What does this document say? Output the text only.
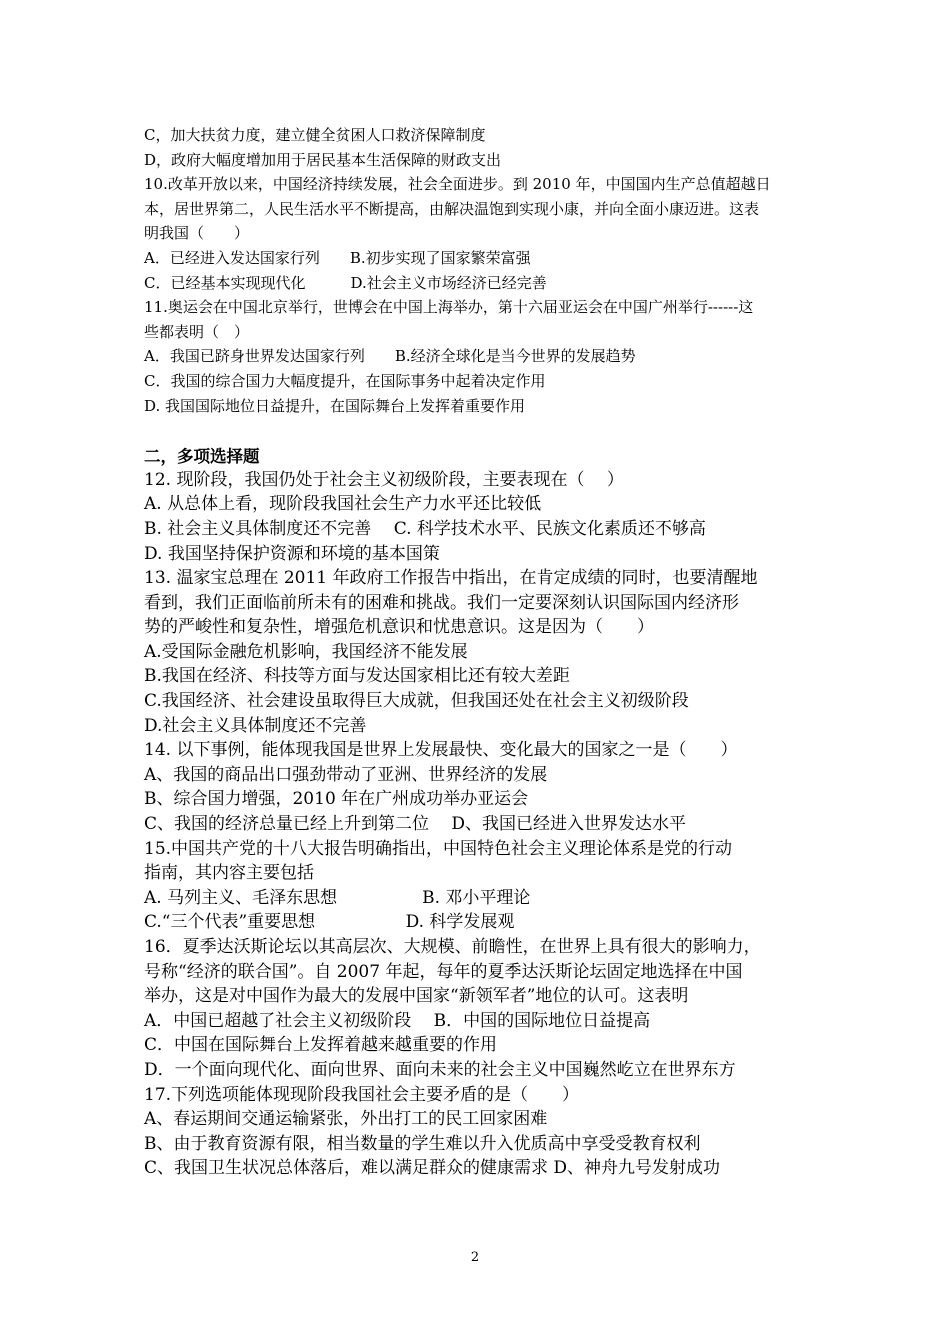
C，加大扶贫力度，建立健全贫困人口救济保障制度
D，政府大幅度增加用于居民基本生活保障的财政支出
10.改革开放以来，中国经济持续发展，社会全面进步。到 2010 年，中国国内生产总值超越日
本，居世界第二，人民生活水平不断提高，由解决温饱到实现小康，并向全面小康迈进。这表
明我国（　　）
A．已经进入发达国家行列　　B.初步实现了国家繁荣富强
C．已经基本实现现代化　　　D.社会主义市场经济已经完善
11.奥运会在中国北京举行，世博会在中国上海举办，第十六届亚运会在中国广州举行------这
些都表明（　）
A．我国已跻身世界发达国家行列　　B.经济全球化是当今世界的发展趋势
C．我国的综合国力大幅度提升，在国际事务中起着决定作用
D. 我国国际地位日益提升，在国际舞台上发挥着重要作用
二，多项选择题
12. 现阶段，我国仍处于社会主义初级阶段，主要表现在（　 ）
A. 从总体上看，现阶段我国社会生产力水平还比较低
B. 社会主义具体制度还不完善　 C. 科学技术水平、民族文化素质还不够高
D. 我国坚持保护资源和环境的基本国策
13. 温家宝总理在 2011 年政府工作报告中指出，在肯定成绩的同时，也要清醒地
看到，我们正面临前所未有的困难和挑战。我们一定要深刻认识国际国内经济形
势的严峻性和复杂性，增强危机意识和忧患意识。这是因为（　　）
A.受国际金融危机影响，我国经济不能发展
B.我国在经济、科技等方面与发达国家相比还有较大差距
C.我国经济、社会建设虽取得巨大成就，但我国还处在社会主义初级阶段
D.社会主义具体制度还不完善
14. 以下事例，能体现我国是世界上发展最快、变化最大的国家之一是（　　）
A、我国的商品出口强劲带动了亚洲、世界经济的发展
B、综合国力增强，2010 年在广州成功举办亚运会
C、我国的经济总量已经上升到第二位　 D、我国已经进入世界发达水平
15.中国共产党的十八大报告明确指出，中国特色社会主义理论体系是党的行动
指南，其内容主要包括
A. 马列主义、毛泽东思想　　　　　B. 邓小平理论
C.“三个代表”重要思想　　　　　 D. 科学发展观
16．夏季达沃斯论坛以其高层次、大规模、前瞻性，在世界上具有很大的影响力，
号称“经济的联合国”。自 2007 年起，每年的夏季达沃斯论坛固定地选择在中国
举办，这是对中国作为最大的发展中国家“新领军者”地位的认可。这表明
A．中国已超越了社会主义初级阶段　 B．中国的国际地位日益提高
C．中国在国际舞台上发挥着越来越重要的作用
D．一个面向现代化、面向世界、面向未来的社会主义中国巍然屹立在世界东方
17.下列选项能体现现阶段我国社会主要矛盾的是（　　）
A、春运期间交通运输紧张，外出打工的民工回家困难
B、由于教育资源有限，相当数量的学生难以升入优质高中享受受教育权利
C、我国卫生状况总体落后，难以满足群众的健康需求 D、神舟九号发射成功
2
